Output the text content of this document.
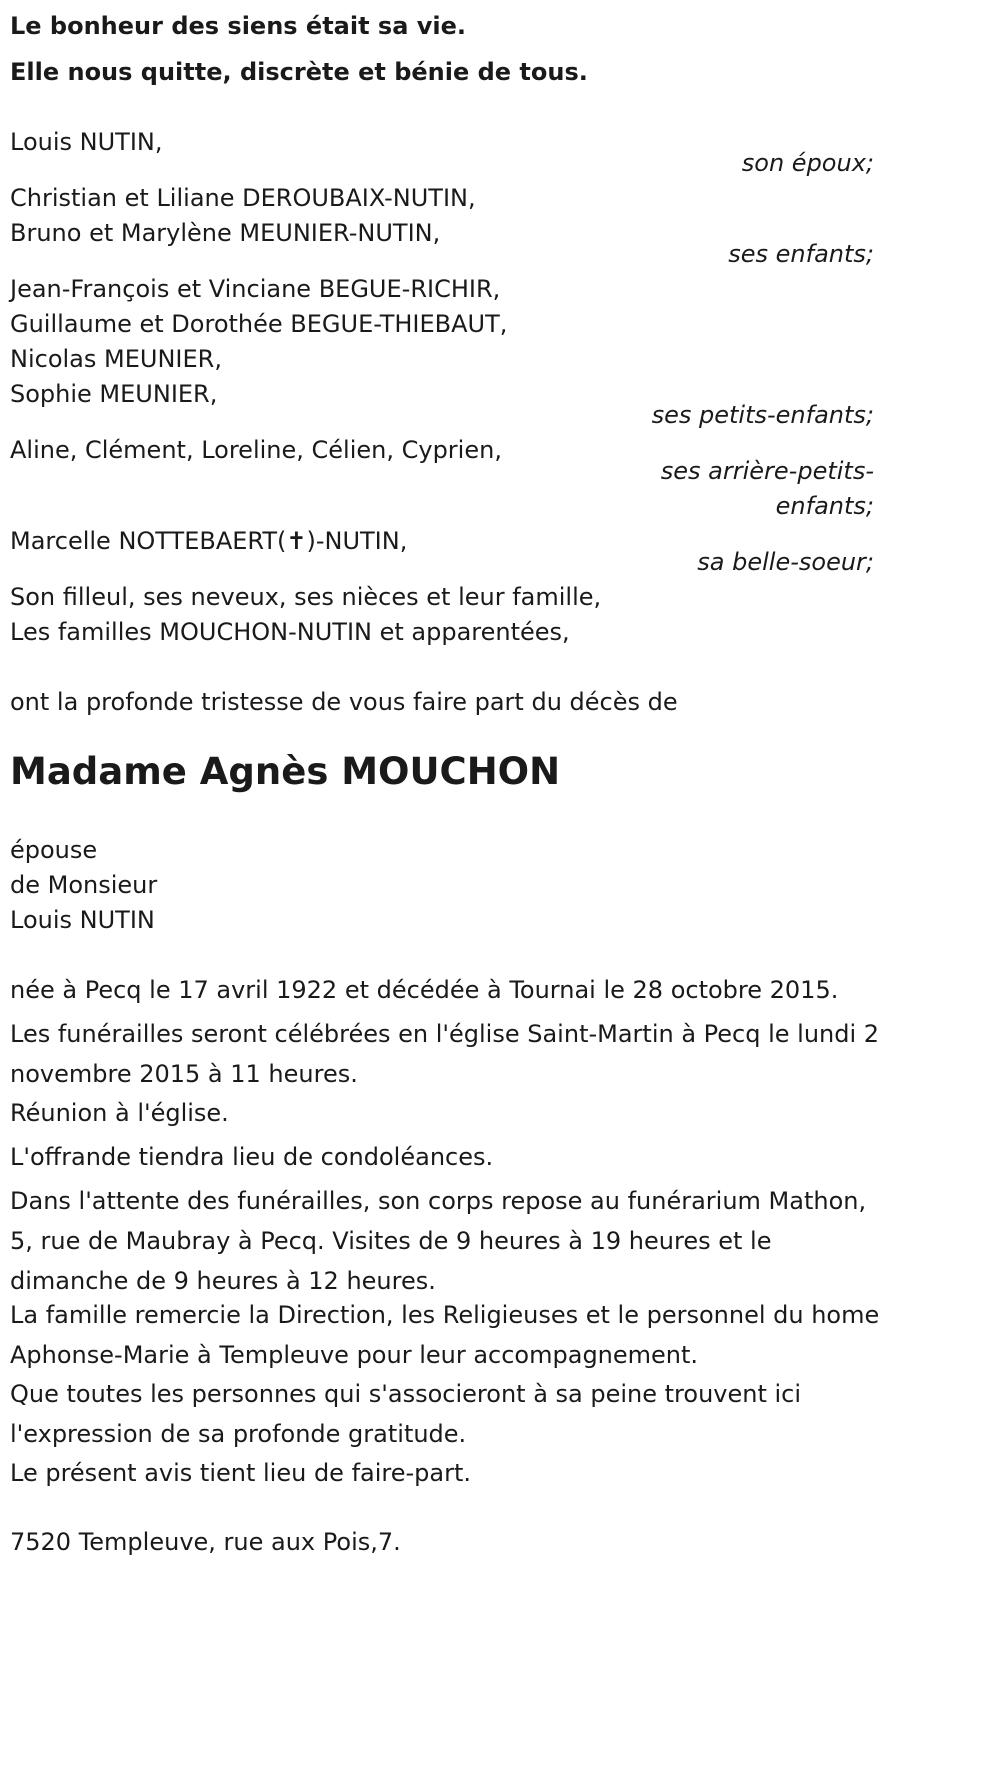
Le bonheur des siens était sa vie.
Elle nous quitte, discrète et bénie de tous.
Louis NUTIN,
son époux;
Christian et Liliane DEROUBAIX-NUTIN,
Bruno et Marylène MEUNIER-NUTIN,
ses enfants;
Jean-François et Vinciane BEGUE-RICHIR,
Guillaume et Dorothée BEGUE-THIEBAUT,
Nicolas MEUNIER,
Sophie MEUNIER,
ses petits-enfants;
Aline, Clément, Loreline, Célien, Cyprien,
ses arrière-petits-
enfants;
Marcelle NOTTEBAERT(✝)-NUTIN,
sa belle-soeur;
Son filleul, ses neveux, ses nièces et leur famille,
Les familles MOUCHON-NUTIN et apparentées,
ont la profonde tristesse de vous faire part du décès de
Madame Agnès MOUCHON
épouse
de Monsieur
Louis NUTIN
née à Pecq le 17 avril 1922 et décédée à Tournai le 28 octobre 2015.
Les funérailles seront célébrées en l'église Saint-Martin à Pecq le lundi 2 novembre 2015 à 11 heures.
Réunion à l'église.
L'offrande tiendra lieu de condoléances.
Dans l'attente des funérailles, son corps repose au funérarium Mathon, 5, rue de Maubray à Pecq. Visites de 9 heures à 19 heures et le dimanche de 9 heures à 12 heures.
La famille remercie la Direction, les Religieuses et le personnel du home Aphonse-Marie à Templeuve pour leur accompagnement.
Que toutes les personnes qui s'associeront à sa peine trouvent ici l'expression de sa profonde gratitude.
Le présent avis tient lieu de faire-part.
7520 Templeuve, rue aux Pois,7.
